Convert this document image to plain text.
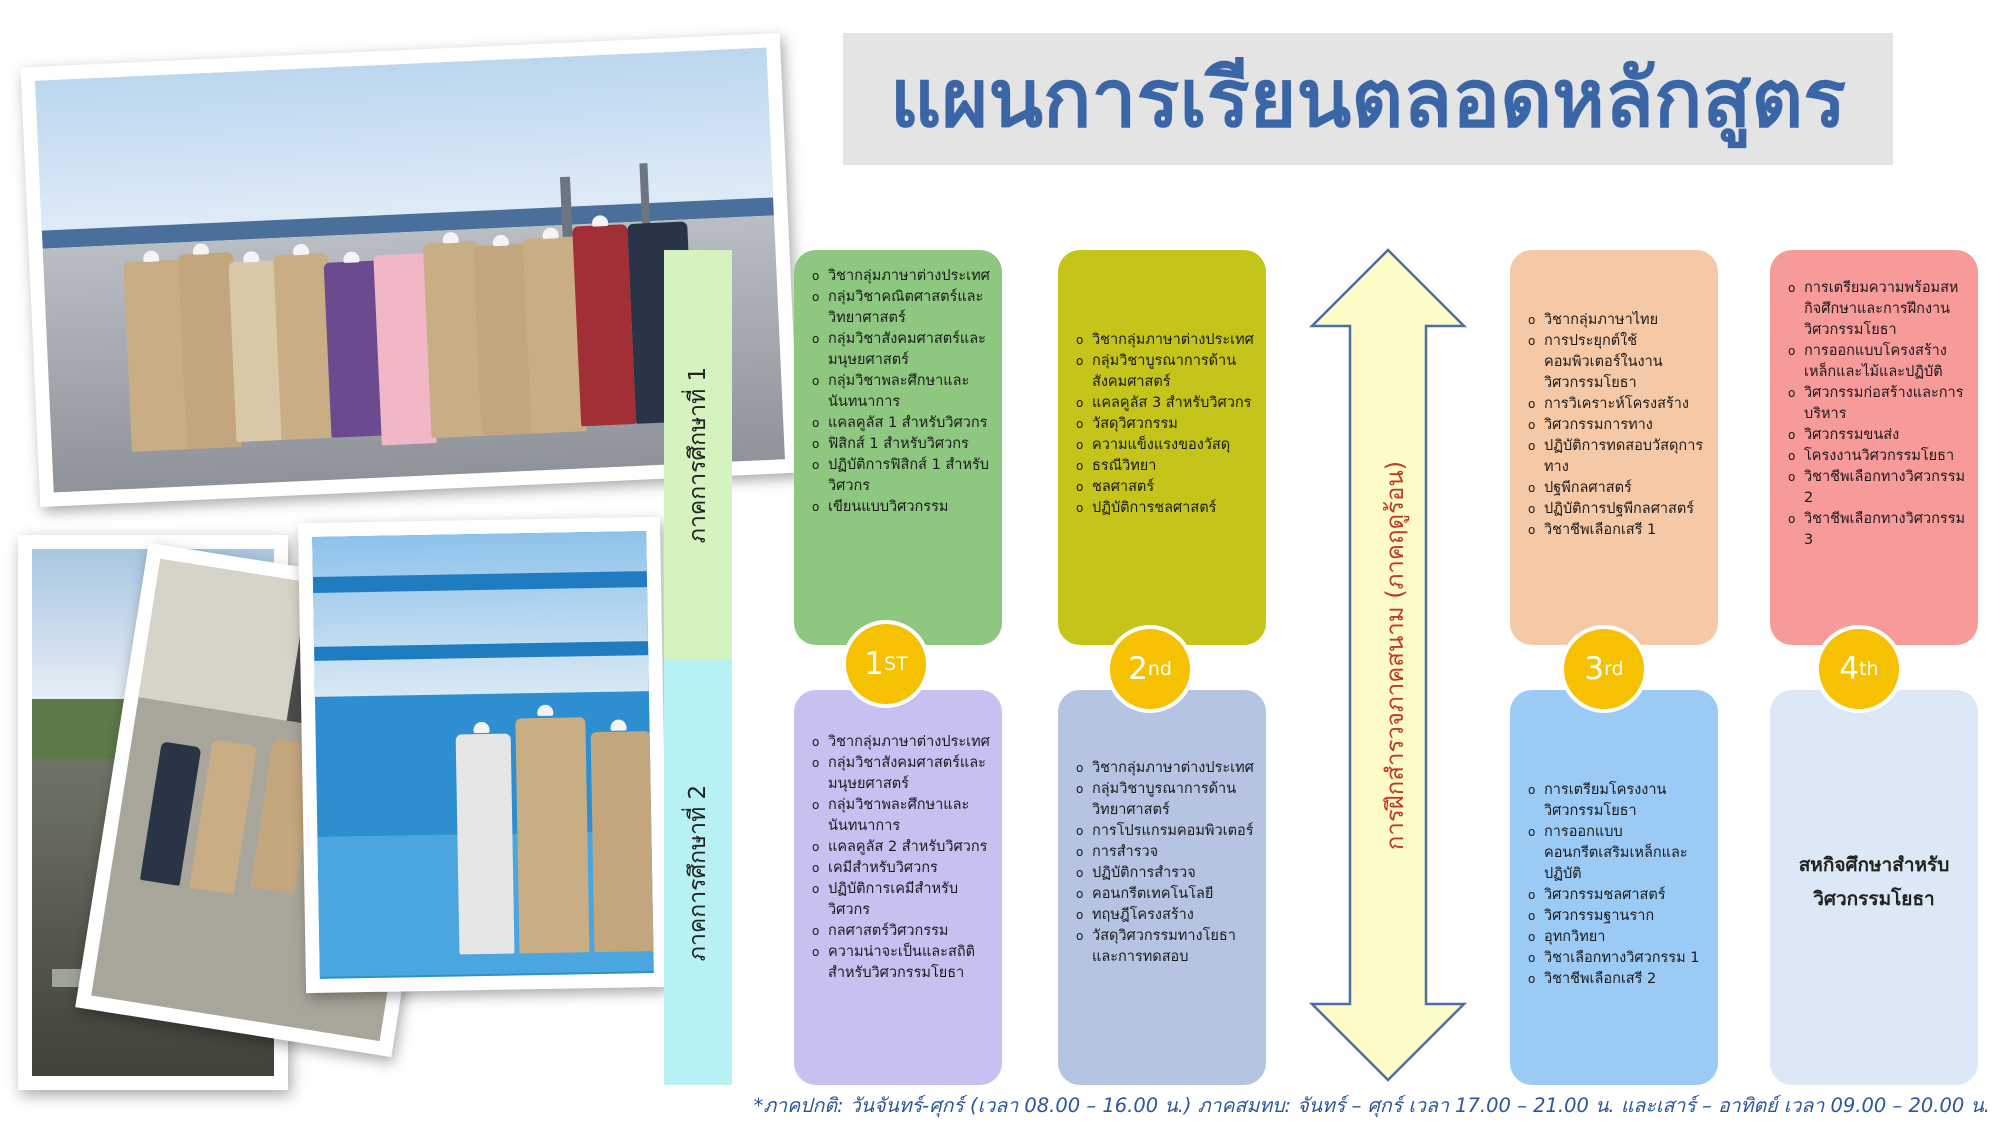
แผนการเรียนตลอดหลักสูตร
ภาคการศึกษาที่ 1
ภาคการศึกษาที่ 2
o วิชากลุ่มภาษาต่างประเทศ
o กลุ่มวิชาคณิตศาสตร์และวิทยาศาสตร์
o กลุ่มวิชาสังคมศาสตร์และมนุษยศาสตร์
o กลุ่มวิชาพละศึกษาและนันทนาการ
o แคลคูลัส 1 สำหรับวิศวกร
o ฟิสิกส์ 1 สำหรับวิศวกร
o ปฏิบัติการฟิสิกส์ 1 สำหรับวิศวกร
o เขียนแบบวิศวกรรม
o วิชากลุ่มภาษาต่างประเทศ
o กลุ่มวิชาสังคมศาสตร์และมนุษยศาสตร์
o กลุ่มวิชาพละศึกษาและนันทนาการ
o แคลคูลัส 2 สำหรับวิศวกร
o เคมีสำหรับวิศวกร
o ปฏิบัติการเคมีสำหรับวิศวกร
o กลศาสตร์วิศวกรรม
o ความน่าจะเป็นและสถิติสำหรับวิศวกรรมโยธา
1 ST
o วิชากลุ่มภาษาต่างประเทศ
o กลุ่มวิชาบูรณาการด้านสังคมศาสตร์
o แคลคูลัส 3 สำหรับวิศวกร
o วัสดุวิศวกรรม
o ความแข็งแรงของวัสดุ
o ธรณีวิทยา
o ชลศาสตร์
o ปฏิบัติการชลศาสตร์
o วิชากลุ่มภาษาต่างประเทศ
o กลุ่มวิชาบูรณาการด้านวิทยาศาสตร์
o การโปรแกรมคอมพิวเตอร์
o การสำรวจ
o ปฏิบัติการสำรวจ
o คอนกรีตเทคโนโลยี
o ทฤษฎีโครงสร้าง
o วัสดุวิศวกรรมทางโยธาและการทดสอบ
2 nd	การฝึกสำรวจภาคสนาม (ภาคฤดูร้อน)
o วิชากลุ่มภาษาไทย
o การประยุกต์ใช้คอมพิวเตอร์ในงานวิศวกรรมโยธา
o การวิเคราะห์โครงสร้าง
o วิศวกรรมการทาง
o ปฏิบัติการทดสอบวัสดุการทาง
o ปฐพีกลศาสตร์
o ปฏิบัติการปฐพีกลศาสตร์
o วิชาชีพเลือกเสรี 1
o การเตรียมโครงงานวิศวกรรมโยธา
o การออกแบบคอนกรีตเสริมเหล็กและปฏิบัติ
o วิศวกรรมชลศาสตร์
o วิศวกรรมฐานราก
o อุทกวิทยา
o วิชาเลือกทางวิศวกรรม 1
o วิชาชีพเลือกเสรี 2
3 rd
o การเตรียมความพร้อมสหกิจศึกษาและการฝึกงานวิศวกรรมโยธา
o การออกแบบโครงสร้างเหล็กและไม้และปฏิบัติ
o วิศวกรรมก่อสร้างและการบริหาร
o วิศวกรรมขนส่ง
o โครงงานวิศวกรรมโยธา
o วิชาชีพเลือกทางวิศวกรรม 2
o วิชาชีพเลือกทางวิศวกรรม 3
สหกิจศึกษาสำหรับวิศวกรรมโยธา
4 th
*ภาคปกติ: วันจันทร์-ศุกร์ (เวลา 08.00 – 16.00 น.) ภาคสมทบ: จันทร์ – ศุกร์ เวลา 17.00 – 21.00 น. และเสาร์ – อาทิตย์ เวลา 09.00 – 20.00 น.
